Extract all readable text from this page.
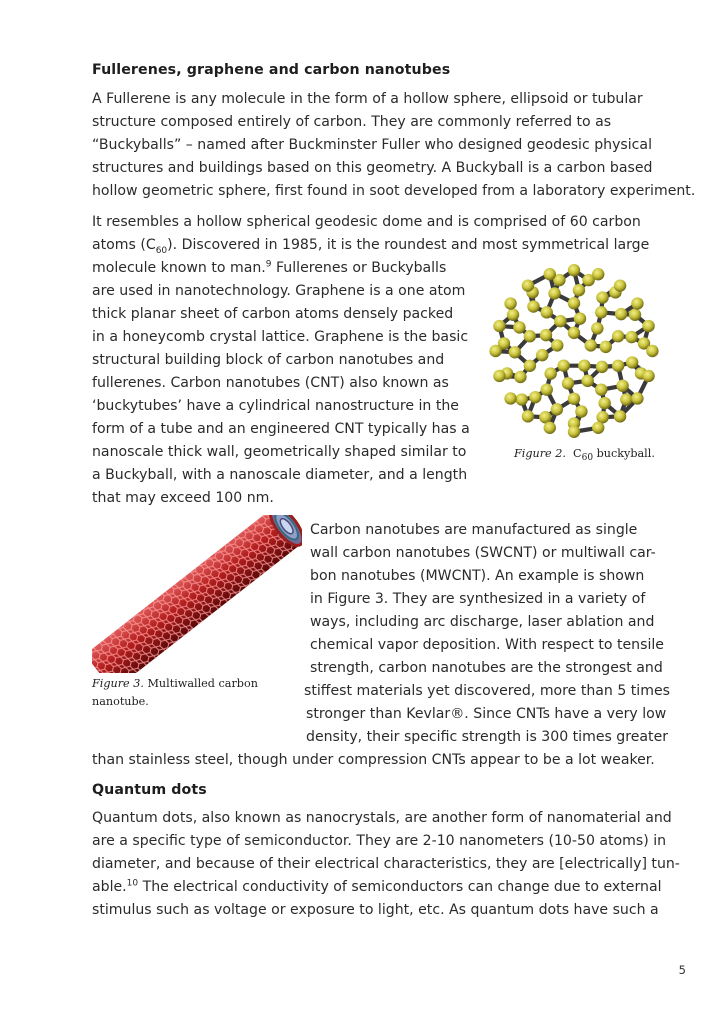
Fullerenes, graphene and carbon nanotubes
A Fullerene is any molecule in the form of a hollow sphere, ellipsoid or tubular
structure composed entirely of carbon. They are commonly referred to as
“Buckyballs” – named after Buckminster Fuller who designed geodesic physical
structures and buildings based on this geometry. A Buckyball is a carbon based
hollow geometric sphere, first found in soot developed from a laboratory experiment.
It resembles a hollow spherical geodesic dome and is comprised of 60 carbon
atoms $(C_{60})$. Discovered in 1985, it is the roundest and most symmetrical large
molecule known to man.$^9$ Fullerenes or Buckyballs
are used in nanotechnology. Graphene is a one atom
thick planar sheet of carbon atoms densely packed
in a honeycomb crystal lattice. Graphene is the basic
structural building block of carbon nanotubes and
fullerenes. Carbon nanotubes (CNT) also known as
‘buckytubes’ have a cylindrical nanostructure in the
form of a tube and an engineered CNT typically has a
nanoscale thick wall, geometrically shaped similar to
a Buckyball, with a nanoscale diameter, and a length
that may exceed 100 nm.
Figure 2. $C_{60}$ buckyball.
Figure 3. Multiwalled carbon
nanotube.
Carbon nanotubes are manufactured as single
wall carbon nanotubes (SWCNT) or multiwall car-
bon nanotubes (MWCNT). An example is shown
in Figure 3. They are synthesized in a variety of
ways, including arc discharge, laser ablation and
chemical vapor deposition. With respect to tensile
strength, carbon nanotubes are the strongest and
stiffest materials yet discovered, more than 5 times
stronger than Kevlar®. Since CNTs have a very low
density, their specific strength is 300 times greater
than stainless steel, though under compression CNTs appear to be a lot weaker.
Quantum dots
Quantum dots, also known as nanocrystals, are another form of nanomaterial and
are a specific type of semiconductor. They are 2-10 nanometers (10-50 atoms) in
diameter, and because of their electrical characteristics, they are [electrically] tun-
able.$^{10}$ The electrical conductivity of semiconductors can change due to external
stimulus such as voltage or exposure to light, etc. As quantum dots have such a
5
